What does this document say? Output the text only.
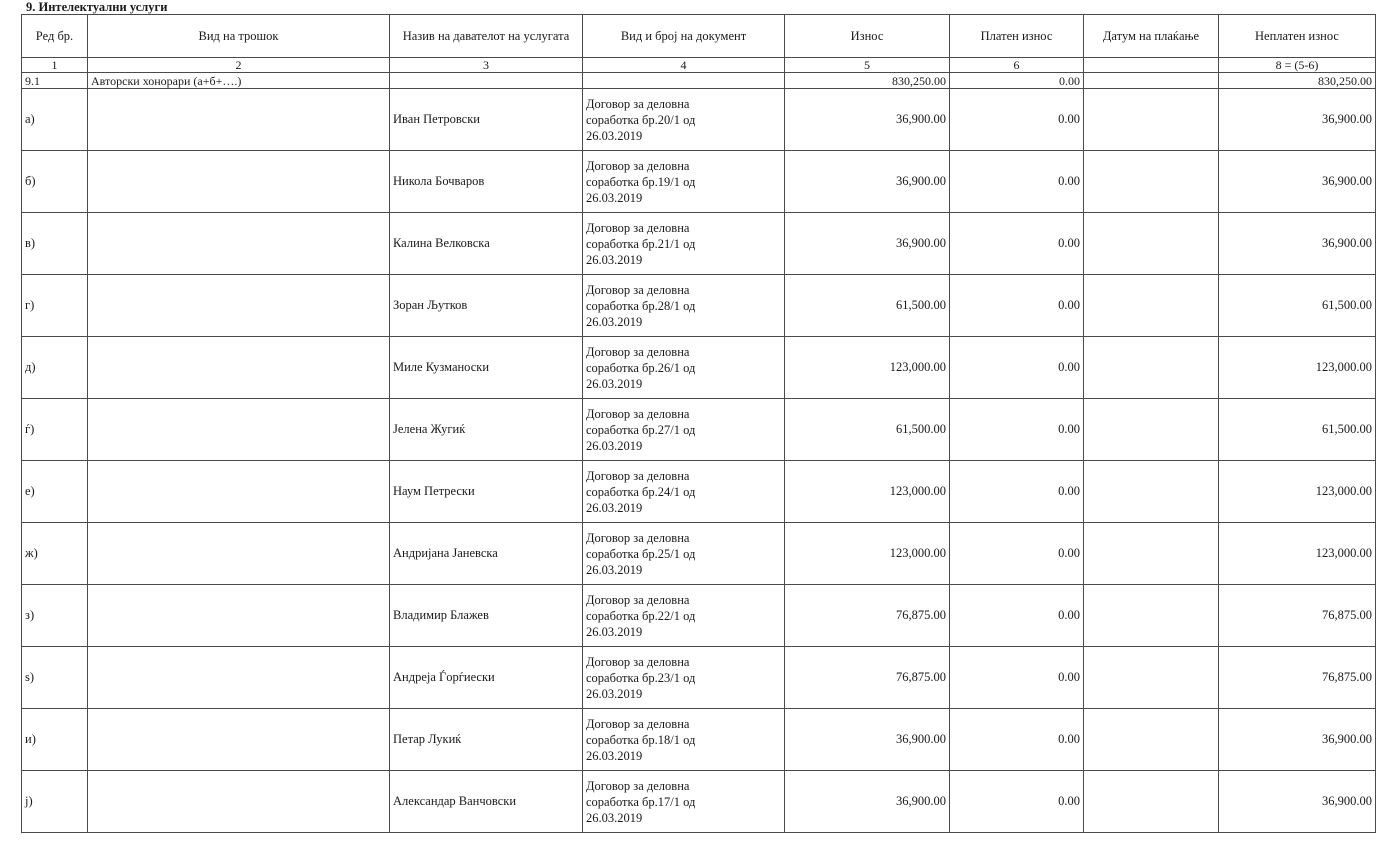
9. Интелектуални услуги
Ред бр.	Вид на трошок	Назив на давателот на услугата	Вид и број на документ	Износ	Платен износ	Датум на плаќање	Неплатен износ
1	2	3	4	5	6		8 = (5-6)
9.1	Авторски хонорари (а+б+….)			830,250.00	0.00		830,250.00
а)		Иван Петровски	Договор за деловна
соработка бр.20/1 од
26.03.2019	36,900.00	0.00		36,900.00
б)		Никола Бочваров	Договор за деловна
соработка бр.19/1 од
26.03.2019	36,900.00	0.00		36,900.00
в)		Калина Велковска	Договор за деловна
соработка бр.21/1 од
26.03.2019	36,900.00	0.00		36,900.00
г)		Зоран Љутков	Договор за деловна
соработка бр.28/1 од
26.03.2019	61,500.00	0.00		61,500.00
д)		Миле Кузманоски	Договор за деловна
соработка бр.26/1 од
26.03.2019	123,000.00	0.00		123,000.00
ѓ)		Јелена Жугиќ	Договор за деловна
соработка бр.27/1 од
26.03.2019	61,500.00	0.00		61,500.00
е)		Наум Петрески	Договор за деловна
соработка бр.24/1 од
26.03.2019	123,000.00	0.00		123,000.00
ж)		Андријана Јаневска	Договор за деловна
соработка бр.25/1 од
26.03.2019	123,000.00	0.00		123,000.00
з)		Владимир Блажев	Договор за деловна
соработка бр.22/1 од
26.03.2019	76,875.00	0.00		76,875.00
ѕ)		Андреја Ѓорѓиески	Договор за деловна
соработка бр.23/1 од
26.03.2019	76,875.00	0.00		76,875.00
и)		Петар Лукиќ	Договор за деловна
соработка бр.18/1 од
26.03.2019	36,900.00	0.00		36,900.00
ј)		Александар Ванчовски	Договор за деловна
соработка бр.17/1 од
26.03.2019	36,900.00	0.00		36,900.00
